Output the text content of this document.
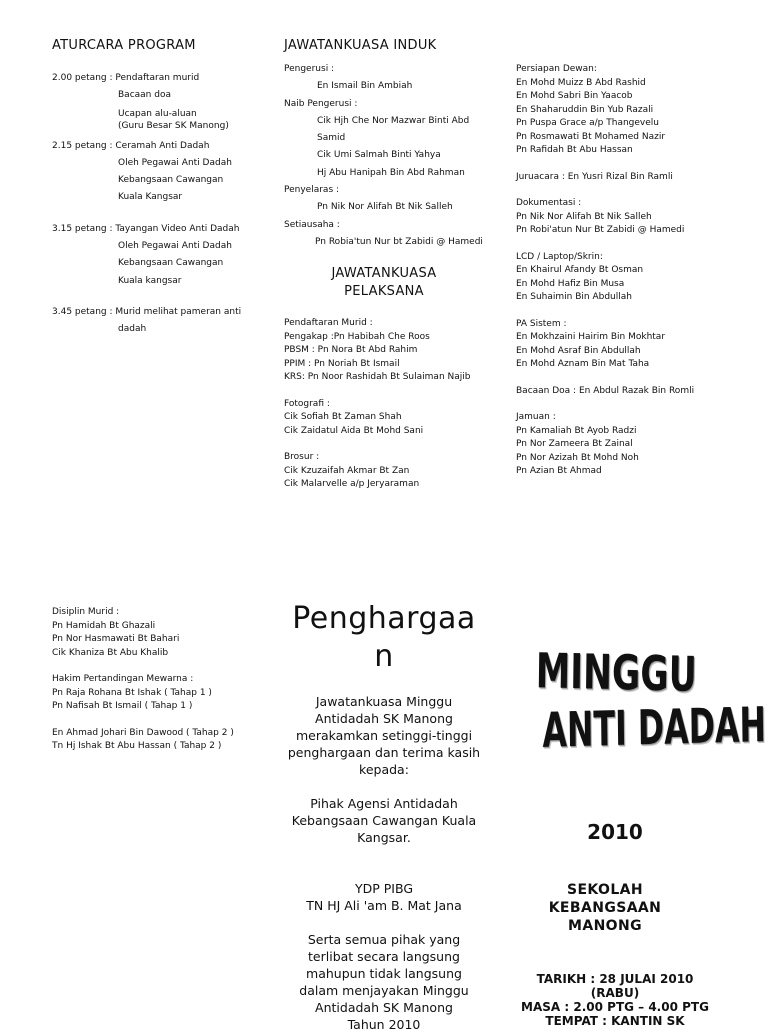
ATURCARA PROGRAM
2.00 petang :
Pendaftaran murid
Bacaan doa
Ucapan alu-aluan
(Guru Besar SK Manong)
2.15 petang :
Ceramah Anti Dadah
Oleh Pegawai Anti Dadah
Kebangsaan Cawangan
Kuala Kangsar
3.15 petang :
Tayangan Video Anti Dadah
Oleh Pegawai Anti Dadah
Kebangsaan Cawangan
Kuala kangsar
3.45 petang :
Murid melihat pameran anti
dadah
JAWATANKUASA INDUK
Pengerusi :
En Ismail Bin Ambiah
Naib Pengerusi :
Cik Hjh Che Nor Mazwar Binti Abd
Samid
Cik Umi Salmah Binti Yahya
Hj Abu Hanipah Bin Abd Rahman
Penyelaras :
Pn Nik Nor Alifah Bt Nik Salleh
Setiausaha :
Pn Robia'tun Nur bt Zabidi @ Hamedi
JAWATANKUASA
PELAKSANA
Pendaftaran Murid :
Pengakap :Pn Habibah Che Roos
PBSM : Pn Nora Bt Abd Rahim
PPIM : Pn Noriah Bt Ismail
KRS: Pn Noor Rashidah Bt Sulaiman Najib
Fotografi :
Cik Sofiah Bt Zaman Shah
Cik Zaidatul Aida Bt Mohd Sani
Brosur :
Cik Kzuzaifah Akmar Bt Zan
Cik Malarvelle a/p Jeryaraman
Persiapan Dewan:
En Mohd Muizz B Abd Rashid
En Mohd Sabri Bin Yaacob
En Shaharuddin Bin Yub Razali
Pn Puspa Grace a/p Thangevelu
Pn Rosmawati Bt Mohamed Nazir
Pn Rafidah Bt Abu Hassan
Juruacara : En Yusri Rizal Bin Ramli
Dokumentasi :
Pn Nik Nor Alifah Bt Nik Salleh
Pn Robi'atun Nur Bt Zabidi @ Hamedi
LCD / Laptop/Skrin:
En Khairul Afandy Bt Osman
En Mohd Hafiz Bin Musa
En Suhaimin Bin Abdullah
PA Sistem :
En Mokhzaini Hairim Bin Mokhtar
En Mohd Asraf Bin Abdullah
En Mohd Aznam Bin Mat Taha
Bacaan Doa : En Abdul Razak Bin Romli
Jamuan :
Pn Kamaliah Bt Ayob Radzi
Pn Nor Zameera Bt Zainal
Pn Nor Azizah Bt Mohd Noh
Pn Azian Bt Ahmad
Disiplin Murid :
Pn Hamidah Bt Ghazali
Pn Nor Hasmawati Bt Bahari
Cik Khaniza Bt Abu Khalib
Hakim Pertandingan Mewarna :
Pn Raja Rohana Bt Ishak ( Tahap 1 )
Pn Nafisah Bt Ismail ( Tahap 1 )
En Ahmad Johari Bin Dawood ( Tahap 2 )
Tn Hj Ishak Bt Abu Hassan ( Tahap 2 )
Penghargaa
n
Jawatankuasa Minggu
Antidadah SK Manong
merakamkan setinggi-tinggi
penghargaan dan terima kasih
kepada:
Pihak Agensi Antidadah
Kebangsaan Cawangan Kuala
Kangsar.
YDP PIBG
TN HJ Ali 'am B. Mat Jana
Serta semua pihak yang
terlibat secara langsung
mahupun tidak langsung
dalam menjayakan Minggu
Antidadah SK Manong
Tahun 2010
MINGGU
ANTI DADAH
2010
SEKOLAH
KEBANGSAAN
MANONG
TARIKH : 28 JULAI 2010
(RABU)
MASA : 2.00 PTG – 4.00 PTG
TEMPAT : KANTIN SK
